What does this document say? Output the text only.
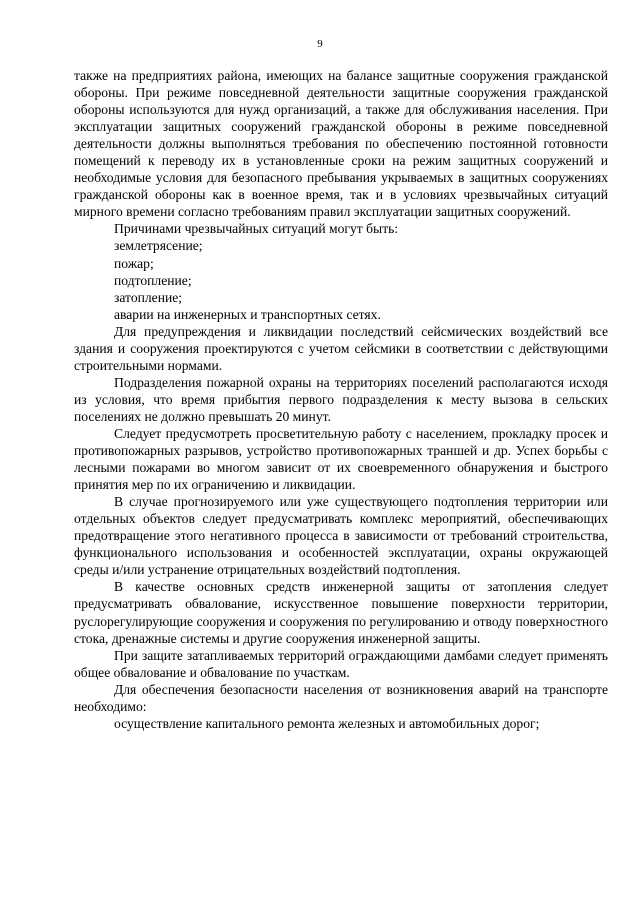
9

также на предприятиях района, имеющих на балансе защитные сооружения гражданской обороны. При режиме повседневной деятельности защитные сооружения гражданской обороны используются для нужд организаций, а также для обслуживания населения. При эксплуатации защитных сооружений гражданской обороны в режиме повседневной деятельности должны выполняться требования по обеспечению постоянной готовности помещений к переводу их в установленные сроки на режим защитных сооружений и необходимые условия для безопасного пребывания укрываемых в защитных сооружениях гражданской обороны как в военное время, так и в условиях чрезвычайных ситуаций мирного времени согласно требованиям правил эксплуатации защитных сооружений.

Причинами чрезвычайных ситуаций могут быть:

землетрясение;

пожар;

подтопление;

затопление;

аварии на инженерных и транспортных сетях.

Для предупреждения и ликвидации последствий сейсмических воздействий все здания и сооружения проектируются с учетом сейсмики в соответствии с действующими строительными нормами.

Подразделения пожарной охраны на территориях поселений располагаются исходя из условия, что время прибытия первого подразделения к месту вызова в сельских поселениях не должно превышать 20 минут.

Следует предусмотреть просветительную работу с населением, прокладку просек и противопожарных разрывов, устройство противопожарных траншей и др. Успех борьбы с лесными пожарами во многом зависит от их своевременного обнаружения и быстрого принятия мер по их ограничению и ликвидации.

В случае прогнозируемого или уже существующего подтопления территории или отдельных объектов следует предусматривать комплекс мероприятий, обеспечивающих предотвращение этого негативного процесса в зависимости от требований строительства, функционального использования и особенностей эксплуатации, охраны окружающей среды и/или устранение отрицательных воздействий подтопления.

В качестве основных средств инженерной защиты от затопления следует предусматривать обвалование, искусственное повышение поверхности территории, руслорегулирующие сооружения и сооружения по регулированию и отводу поверхностного стока, дренажные системы и другие сооружения инженерной защиты.

При защите затапливаемых территорий ограждающими дамбами следует применять общее обвалование и обвалование по участкам.

Для обеспечения безопасности населения от возникновения аварий на транспорте необходимо:

осуществление капитального ремонта железных и автомобильных дорог;
